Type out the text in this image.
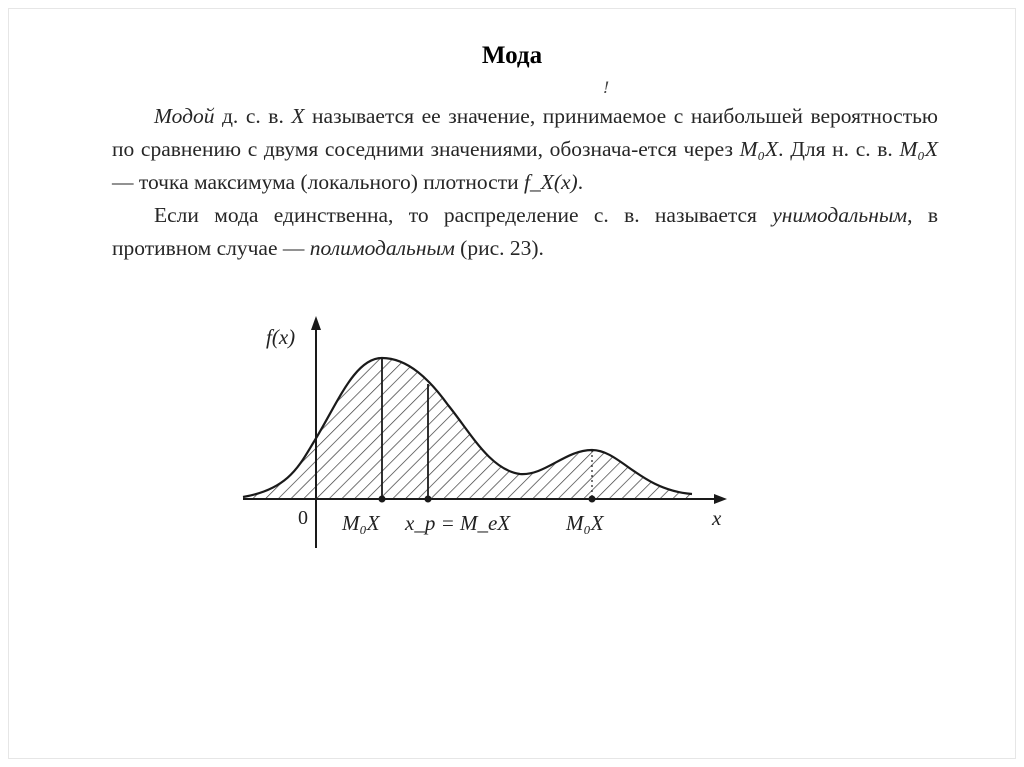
Мода
!

Модой д. с. в. X называется ее значение, принимаемое с наибольшей вероятностью по сравнению с двумя соседними значениями, обознача-ется через M₀X. Для н. с. в. M₀X — точка максимума (локального) плотности f_X(x).

Если мода единственна, то распределение с. в. называется унимодальным, в противном случае — полимодальным (рис. 23).

f(x)
x
0 M₀X x_p = M_eX	M₀X
